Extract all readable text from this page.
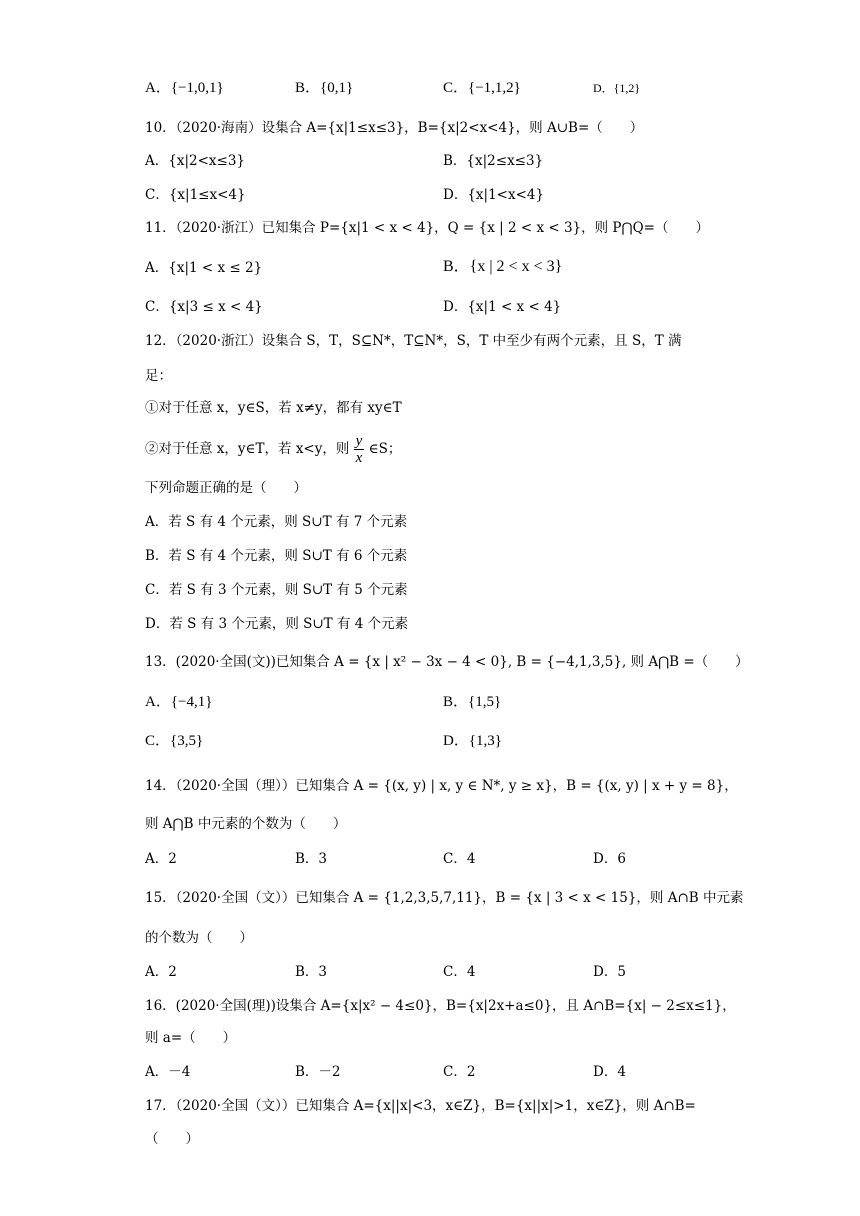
A．{−1,0,1}	B．{0,1}	C．{−1,1,2}	D．{1,2}
10．（2020·海南）设集合 A={x|1≤x≤3}，B={x|2<x<4}，则 A∪B=（　　）
A．{x|2<x≤3}	B．{x|2≤x≤3}
C．{x|1≤x<4}	D．{x|1<x<4}
11．（2020·浙江）已知集合 P={x|1 < x < 4}，Q = {x | 2 < x < 3}，则 P⋂Q=（　　）
A．{x|1 < x ≤ 2}	B．{x | 2 < x < 3}
C．{x|3 ≤ x < 4}	D．{x|1 < x < 4}
12．（2020·浙江）设集合 S，T，S⊆N*，T⊆N*，S，T 中至少有两个元素，且 S，T 满
足：
①对于任意 x，y∈S，若 x≠y，都有 xy∈T
②对于任意 x，y∈T，若 x<y，则 $\frac{y}{x}$ ∈S；
下列命题正确的是（　　）
A．若 S 有 4 个元素，则 S∪T 有 7 个元素
B．若 S 有 4 个元素，则 S∪T 有 6 个元素
C．若 S 有 3 个元素，则 S∪T 有 5 个元素
D．若 S 有 3 个元素，则 S∪T 有 4 个元素
13．(2020·全国(文))已知集合 A = {x | x² − 3x − 4 < 0}, B = {−4,1,3,5}, 则 A⋂B =（　　）
A．{−4,1}	B．{1,5}
C．{3,5}	D．{1,3}
14．（2020·全国（理））已知集合 A = {(x, y) | x, y ∈ N*, y ≥ x}，B = {(x, y) | x + y = 8}，
则 A⋂B 中元素的个数为（　　）
A．2	B．3	C．4	D．6
15．（2020·全国（文））已知集合 A = {1,2,3,5,7,11}，B = {x | 3 < x < 15}，则 A∩B 中元素
的个数为（　　）
A．2	B．3	C．4	D．5
16．(2020·全国(理))设集合 A={x|x² − 4≤0}，B={x|2x+a≤0}，且 A∩B={x| − 2≤x≤1}，
则 a=（　　）
A．－4	B．－2	C．2	D．4
17．（2020·全国（文））已知集合 A={x||x|<3，x∈Z}，B={x||x|>1，x∈Z}，则 A∩B=
（　　）
